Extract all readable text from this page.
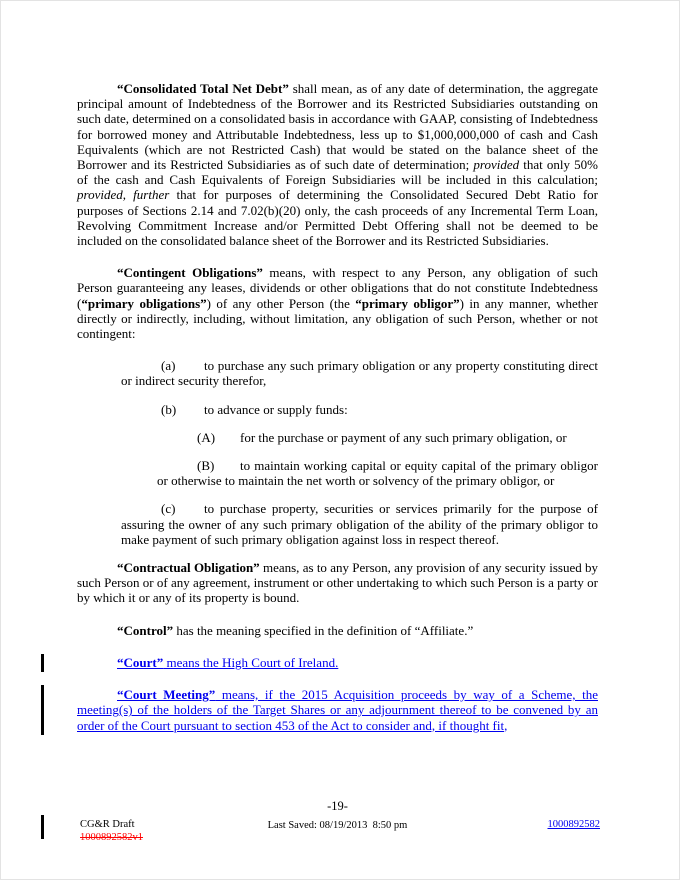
“Consolidated Total Net Debt” shall mean, as of any date of determination, the aggregate principal amount of Indebtedness of the Borrower and its Restricted Subsidiaries outstanding on such date, determined on a consolidated basis in accordance with GAAP, consisting of Indebtedness for borrowed money and Attributable Indebtedness, less up to $1,000,000,000 of cash and Cash Equivalents (which are not Restricted Cash) that would be stated on the balance sheet of the Borrower and its Restricted Subsidiaries as of such date of determination; provided that only 50% of the cash and Cash Equivalents of Foreign Subsidiaries will be included in this calculation; provided, further that for purposes of determining the Consolidated Secured Debt Ratio for purposes of Sections 2.14 and 7.02(b)(20) only, the cash proceeds of any Incremental Term Loan, Revolving Commitment Increase and/or Permitted Debt Offering shall not be deemed to be included on the consolidated balance sheet of the Borrower and its Restricted Subsidiaries.

“Contingent Obligations” means, with respect to any Person, any obligation of such Person guaranteeing any leases, dividends or other obligations that do not constitute Indebtedness (“primary obligations”) of any other Person (the “primary obligor”) in any manner, whether directly or indirectly, including, without limitation, any obligation of such Person, whether or not contingent:

(a) to purchase any such primary obligation or any property constituting direct or indirect security therefor,
(b) to advance or supply funds:
(A) for the purchase or payment of any such primary obligation, or
(B) to maintain working capital or equity capital of the primary obligor or otherwise to maintain the net worth or solvency of the primary obligor, or
(c) to purchase property, securities or services primarily for the purpose of assuring the owner of any such primary obligation of the ability of the primary obligor to make payment of such primary obligation against loss in respect thereof.

“Contractual Obligation” means, as to any Person, any provision of any security issued by such Person or of any agreement, instrument or other undertaking to which such Person is a party or by which it or any of its property is bound.

“Control” has the meaning specified in the definition of “Affiliate.”

“Court” means the High Court of Ireland.

“Court Meeting” means, if the 2015 Acquisition proceeds by way of a Scheme, the meeting(s) of the holders of the Target Shares or any adjournment thereof to be convened by an order of the Court pursuant to section 453 of the Act to consider and, if thought fit,

-19-
CG&R Draft
1000892582v1
Last Saved: 08/19/2013  8:50 pm	1000892582
